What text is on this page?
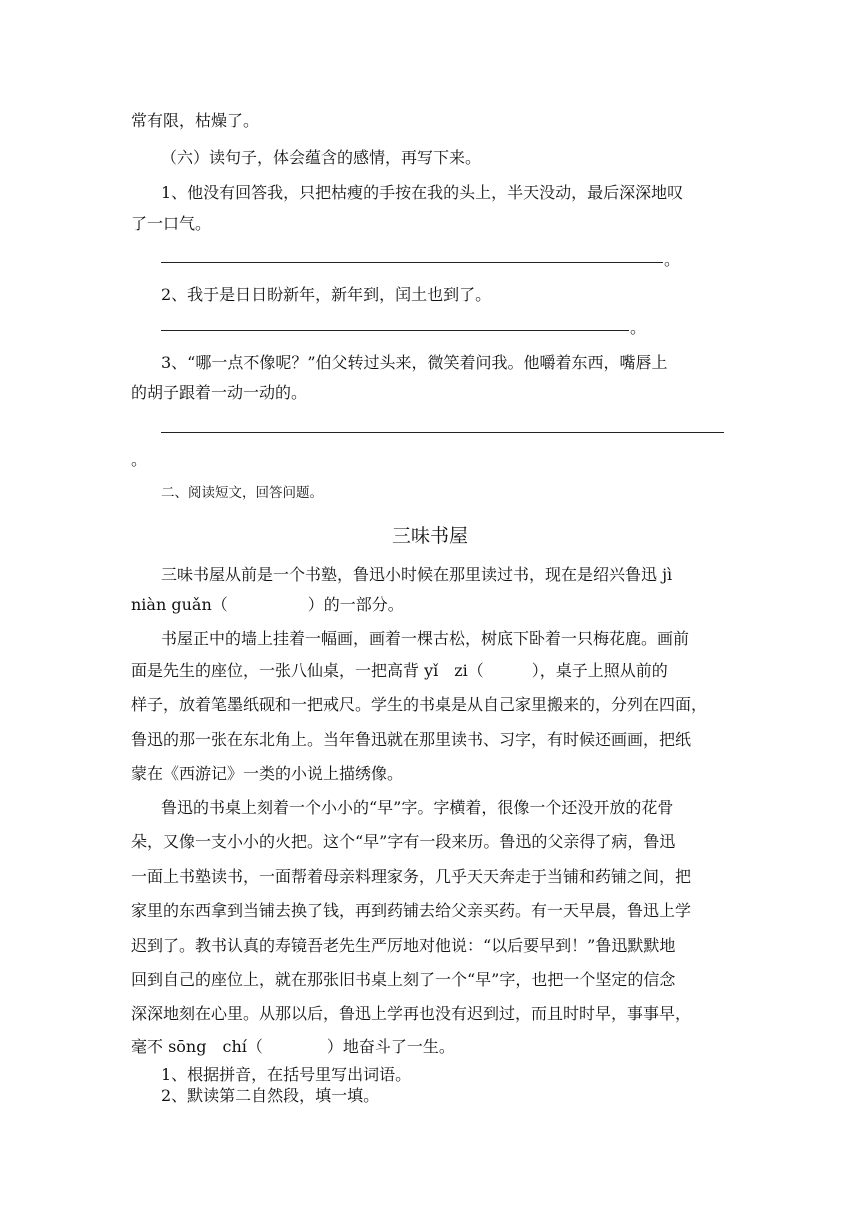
常有限，枯燥了。
（六）读句子，体会蕴含的感情，再写下来。
1、他没有回答我，只把枯瘦的手按在我的头上，半天没动，最后深深地叹
了一口气。
。
2、我于是日日盼新年，新年到，闰土也到了。
。
3、“哪一点不像呢？”伯父转过头来，微笑着问我。他嚼着东西，嘴唇上
的胡子跟着一动一动的。
。
二、阅读短文，回答问题。
三味书屋
三味书屋从前是一个书塾，鲁迅小时候在那里读过书，现在是绍兴鲁迅 jì
niàn guǎn（　　　　　）的一部分。
书屋正中的墙上挂着一幅画，画着一棵古松，树底下卧着一只梅花鹿。画前
面是先生的座位，一张八仙桌，一把高背 yǐ　zi（　　　），桌子上照从前的
样子，放着笔墨纸砚和一把戒尺。学生的书桌是从自己家里搬来的，分列在四面，
鲁迅的那一张在东北角上。当年鲁迅就在那里读书、习字，有时候还画画，把纸
蒙在《西游记》一类的小说上描绣像。
鲁迅的书桌上刻着一个小小的“早”字。字横着，很像一个还没开放的花骨
朵，又像一支小小的火把。这个“早”字有一段来历。鲁迅的父亲得了病，鲁迅
一面上书塾读书，一面帮着母亲料理家务，几乎天天奔走于当铺和药铺之间，把
家里的东西拿到当铺去换了钱，再到药铺去给父亲买药。有一天早晨，鲁迅上学
迟到了。教书认真的寿镜吾老先生严厉地对他说：“以后要早到！”鲁迅默默地
回到自己的座位上，就在那张旧书桌上刻了一个“早”字，也把一个坚定的信念
深深地刻在心里。从那以后，鲁迅上学再也没有迟到过，而且时时早，事事早，
毫不 sōng　chí（　　　　）地奋斗了一生。
1、根据拼音，在括号里写出词语。
2、默读第二自然段，填一填。
